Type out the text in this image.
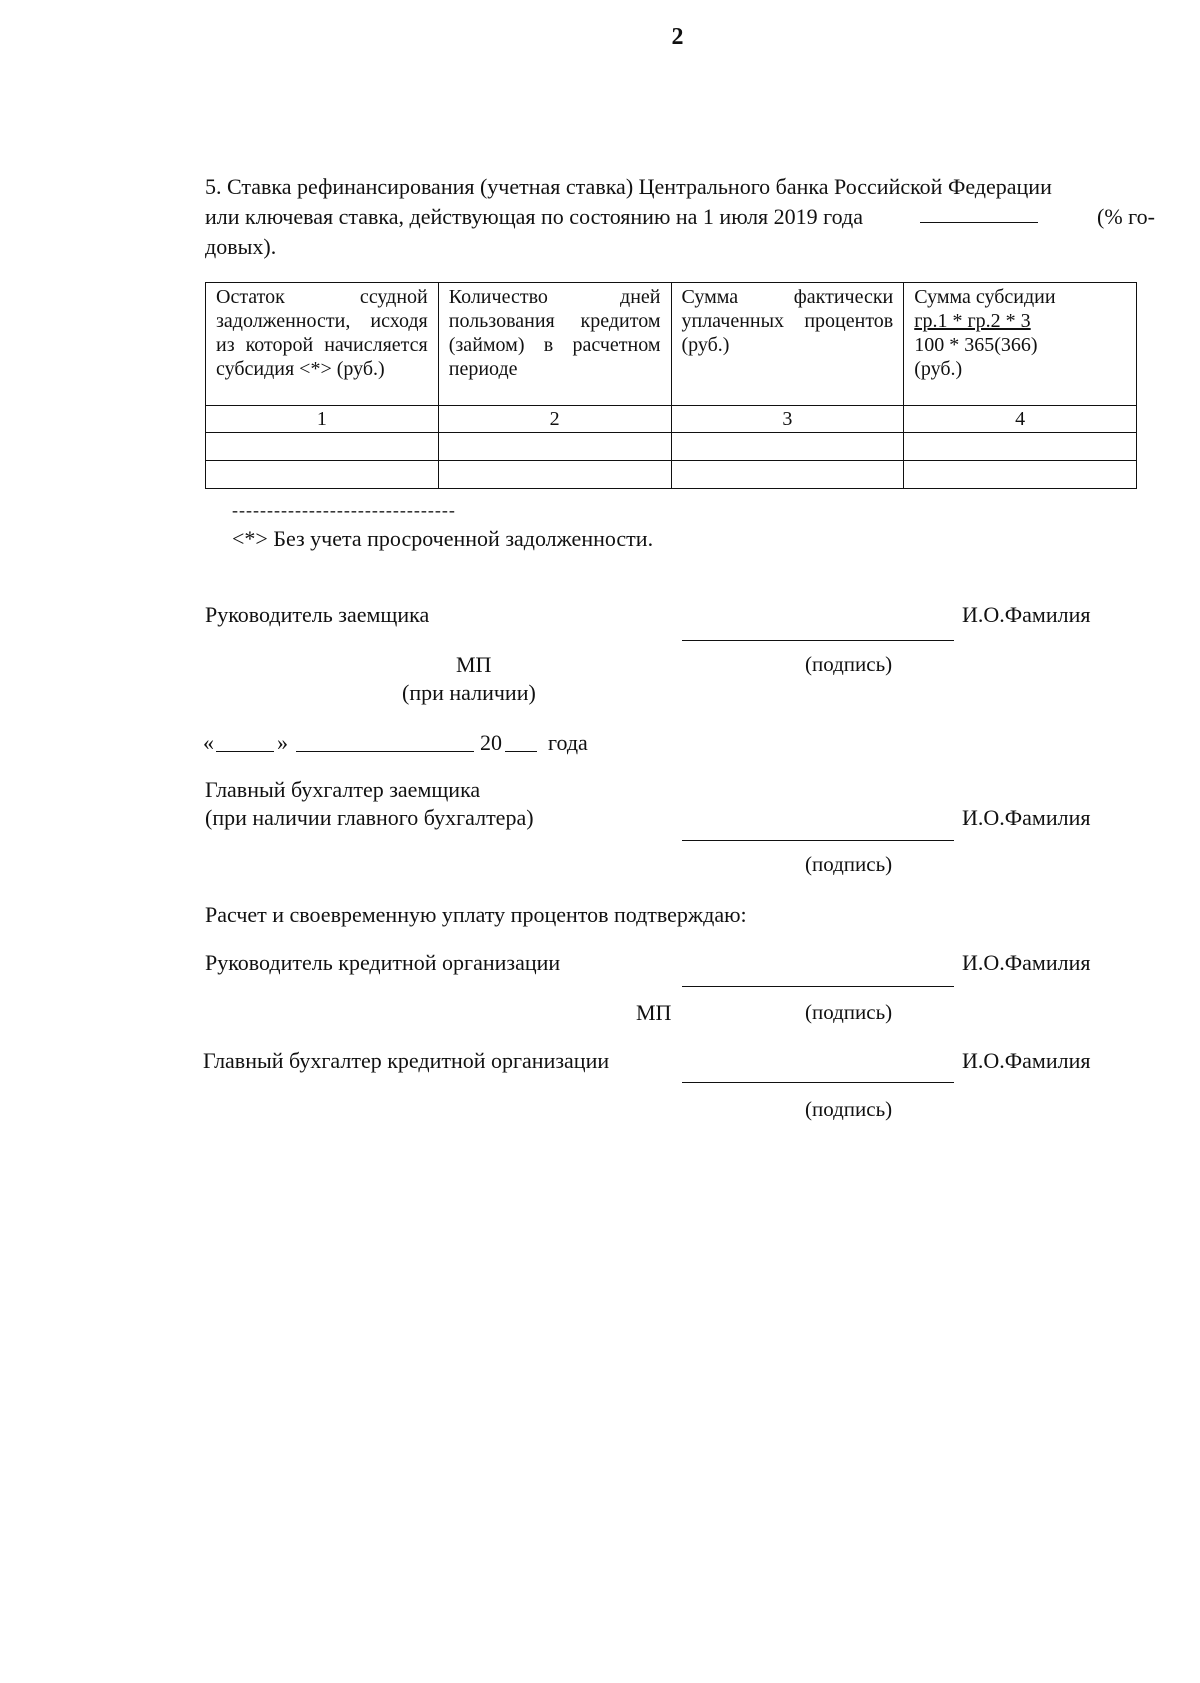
2

5. Ставка рефинансирования (учетная ставка) Центрального банка Российской Федерации

или ключевая ставка, действующая по состоянию на 1 июля 2019 года	(% го-

довых).

Остаток ссудной задолженности, исходя из которой начисляется субсидия <*> (руб.)	Количество дней пользования кредитом (займом) в расчетном периоде	Сумма фактически уплаченных процентов (руб.)	Сумма субсидии
гр.1 * гр.2 * 3
100 * 365(366)
(руб.)

1	2	3	4

--------------------------------
<*> Без учета просроченной задолженности.
Руководитель заемщика	И.О.Фамилия
МП	(подпись)
(при наличии)
«	»	20 года
Главный бухгалтер заемщика
(при наличии главного бухгалтера)	И.О.Фамилия
(подпись)
Расчет и своевременную уплату процентов подтверждаю:
Руководитель кредитной организации	И.О.Фамилия
МП	(подпись)
Главный бухгалтер кредитной организации	И.О.Фамилия
(подпись)
